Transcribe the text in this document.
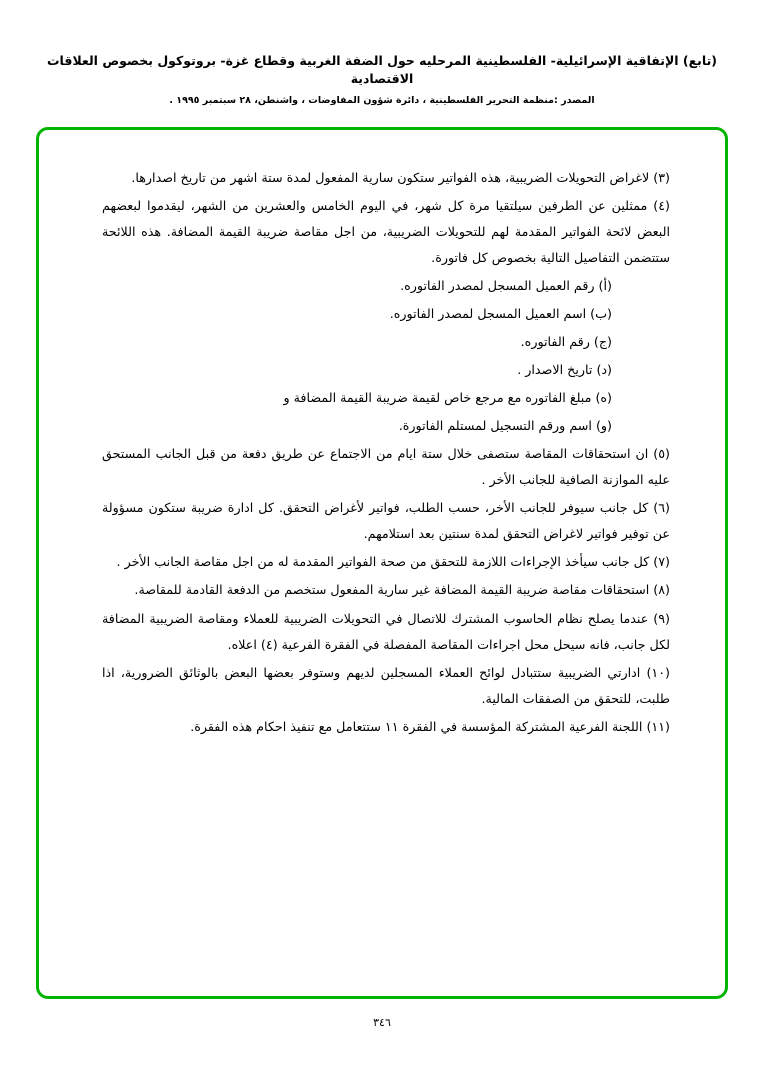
(تابع) الإتفاقية الإسرائيلية- الفلسطينية المرحليه حول الضفة الغربية وقطاع غزة- بروتوكول بخصوص العلاقات الاقتصادية
المصدر :منظمة التحرير الفلسطينية ، دائرة شؤون المفاوضات ، واشنطن، ٢٨ سبتمبر ١٩٩٥ .
(٣) لاغراض التحويلات الضريبية، هذه الفواتير ستكون سارية المفعول لمدة ستة اشهر من تاريخ اصدارها.
(٤) ممثلين عن الطرفين سيلتقيا مرة كل شهر، في اليوم الخامس والعشرين من الشهر، ليقدموا لبعضهم البعض لائحة الفواتير المقدمة لهم للتحويلات الضريبية، من اجل مقاصة ضريبة القيمة المضافة. هذه اللائحة ستتضمن التفاصيل التالية بخصوص كل فاتورة.
(أ) رقم العميل المسجل لمصدر الفاتوره.
(ب) اسم العميل المسجل لمصدر الفاتوره.
(ج) رقم الفاتوره.
(د) تاريخ الاصدار .
(ه) مبلغ الفاتوره مع مرجع خاص لقيمة ضريبة القيمة المضافة و
(و) اسم ورقم التسجيل لمستلم الفاتورة.
(٥) ان استحقاقات المقاصة ستصفى خلال ستة ايام من الاجتماع عن طريق دفعة من قبل الجانب المستحق عليه الموازنة الصافية للجانب الأخر .
(٦) كل جانب سيوفر للجانب الأخر، حسب الطلب، فواتير لأغراض التحقق. كل ادارة ضريبة ستكون مسؤولة عن توفير فواتير لاغراض التحقق لمدة سنتين بعد استلامهم.
(٧) كل جانب سيأخذ الإجراءات اللازمة للتحقق من صحة الفواتير المقدمة له من اجل مقاصة الجانب الأخر .
(٨) استحقاقات مقاصة ضريبة القيمة المضافة غير سارية المفعول ستخصم من الدفعة القادمة للمقاصة.
(٩) عندما يصلح نظام الحاسوب المشترك للاتصال في التحويلات الضريبية للعملاء ومقاصة الضريبية المضافة لكل جانب، فانه سيحل محل اجراءات المقاصة المفصلة في الفقرة الفرعية (٤) اعلاه.
(١٠) ادارتي الضريبية ستتبادل لوائح العملاء المسجلين لديهم وستوفر بعضها البعض بالوثائق الضرورية، اذا طلبت، للتحقق من الصفقات المالية.
(١١) اللجنة الفرعية المشتركة المؤسسة في الفقرة ١١ ستتعامل مع تنفيذ احكام هذه الفقرة.
٣٤٦
